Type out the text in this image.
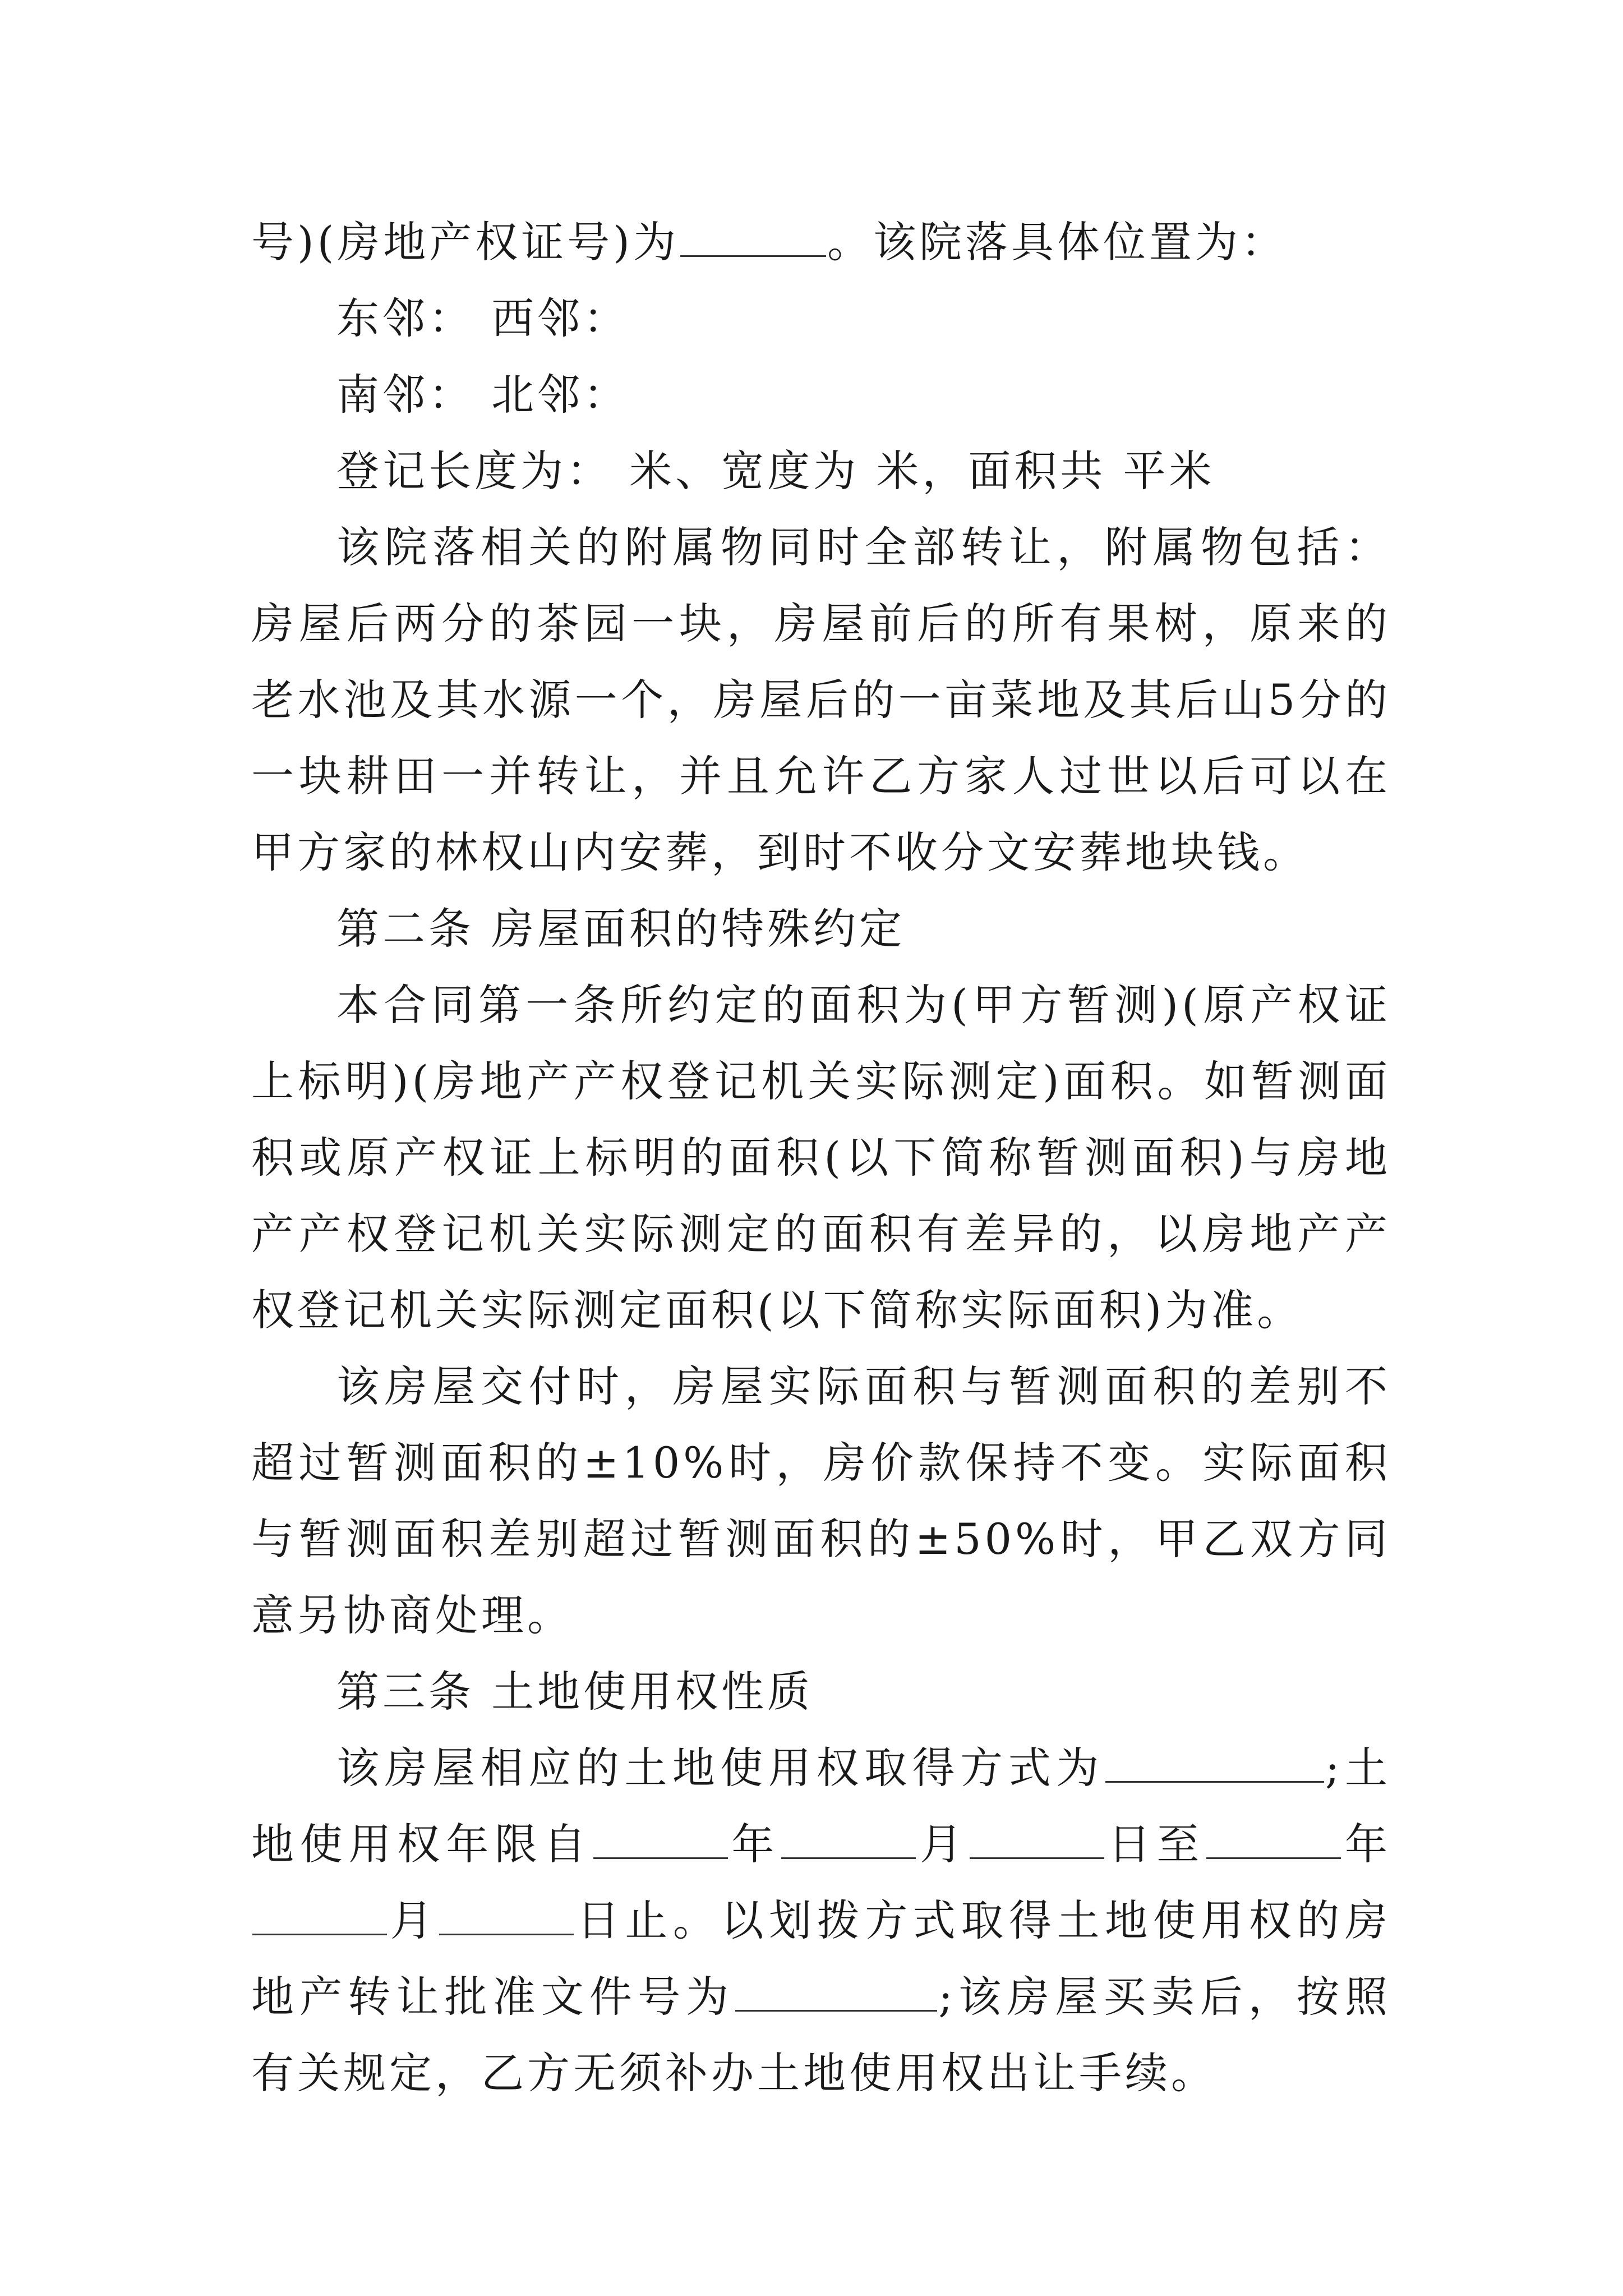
号)(房地产权证号)为	。该院落具体位置为：

东邻： 西邻：

南邻： 北邻：

登记长度为： 米、宽度为 米，面积共 平米

该院落相关的附属物同时全部转让，附属物包括：房屋后两分的茶园一块，房屋前后的所有果树，原来的老水池及其水源一个，房屋后的一亩菜地及其后山5分的一块耕田一并转让，并且允许乙方家人过世以后可以在甲方家的林权山内安葬，到时不收分文安葬地块钱。

第二条 房屋面积的特殊约定

本合同第一条所约定的面积为(甲方暂测)(原产权证上标明)(房地产产权登记机关实际测定)面积。如暂测面积或原产权证上标明的面积(以下简称暂测面积)与房地产产权登记机关实际测定的面积有差异的，以房地产产权登记机关实际测定面积(以下简称实际面积)为准。

该房屋交付时，房屋实际面积与暂测面积的差别不超过暂测面积的±10%时，房价款保持不变。实际面积与暂测面积差别超过暂测面积的±50%时，甲乙双方同意另协商处理。

第三条 土地使用权性质

该房屋相应的土地使用权取得方式为	;土地使用权年限自	年	月	日至	年月	日止。以划拨方式取得土地使用权的房地产转让批准文件号为	;该房屋买卖后，按照有关规定，乙方无须补办土地使用权出让手续。
